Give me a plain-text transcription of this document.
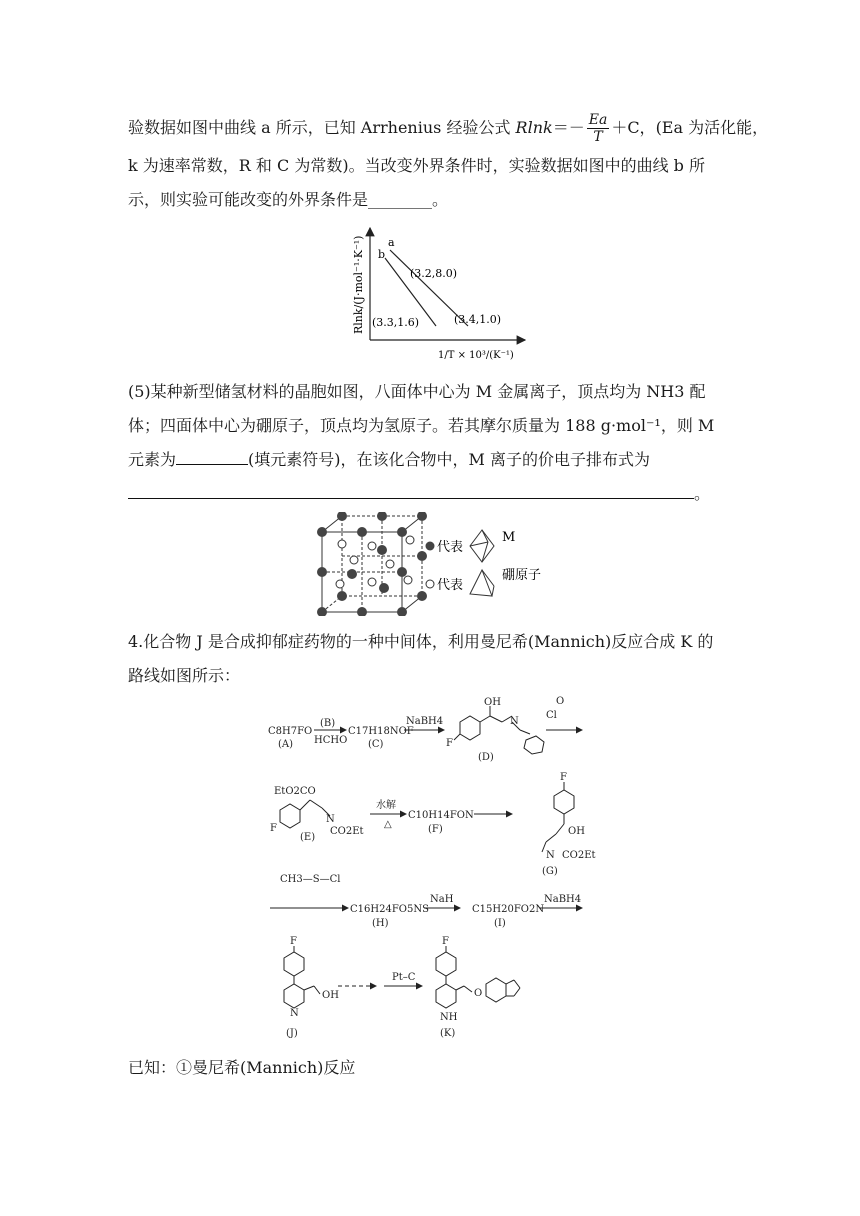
验数据如图中曲线 a 所示，已知 Arrhenius 经验公式 $Rlnk=- \frac{Ea}{T} +C$，(Ea 为活化能，
k 为速率常数，R 和 C 为常数)。当改变外界条件时，实验数据如图中的曲线 b 所
示，则实验可能改变的外界条件是________。
Rlnk/(J·mol⁻¹·K⁻¹)
1/T × 10³/(K⁻¹)
a
b
(3.2,8.0)
(3.3,1.6)	(3.4,1.0)
(5)某种新型储氢材料的晶胞如图，八面体中心为 M 金属离子，顶点均为 NH3 配
体；四面体中心为硼原子，顶点均为氢原子。若其摩尔质量为 188 g·mol⁻¹，则 M
元素为	(填元素符号)，在该化合物中，M 离子的价电子排布式为
。
代表
M
代表
硼原子
4.化合物 J 是合成抑郁症药物的一种中间体，利用曼尼希(Mannich)反应合成 K 的
路线如图所示：
C8H7FO
(A)
(B)
HCHO
C17H18NOF
(C)
NaBH4
OH
N
F
(D)
Cl
O
EtO2CO
F
N
CO2Et
(E)
水解
△
C10H14FON
(F)
F
OH
N CO2Et
(G)
CH3—S—Cl
C16H24FO5NS
(H)
NaH
C15H20FO2N
(I)
NaBH4
F
OH
N
(J)
Pt–C
F
O
NH
(K)
已知：①曼尼希(Mannich)反应
